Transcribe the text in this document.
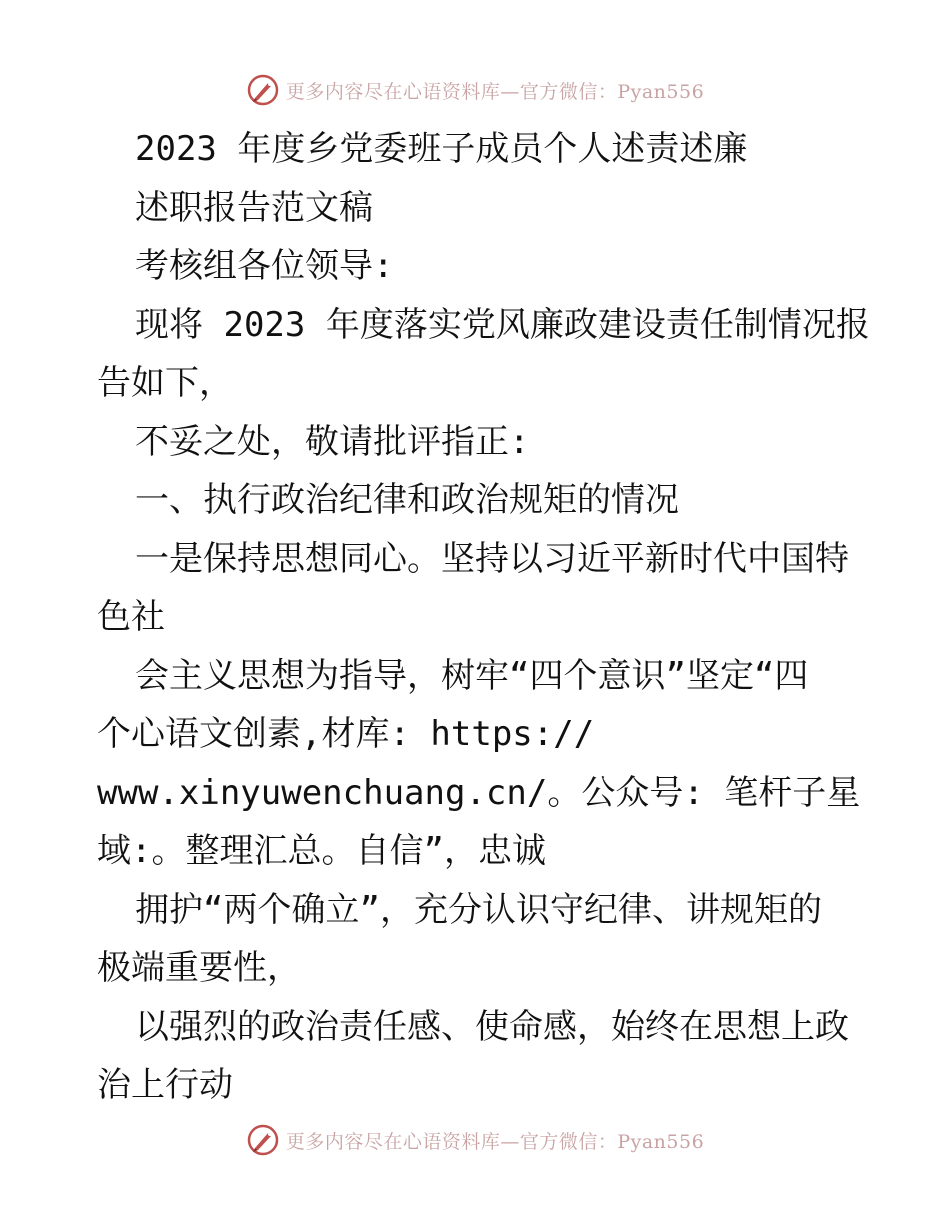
更多内容尽在心语资料库—官方微信：Pyan556

2023 年度乡党委班子成员个人述责述廉

述职报告范文稿

考核组各位领导:

现将 2023 年度落实党风廉政建设责任制情况报

告如下，

不妥之处，敬请批评指正:

一、执行政治纪律和政治规矩的情况

一是保持思想同心。坚持以习近平新时代中国特

色社

会主义思想为指导，树牢“四个意识”坚定“四

个心语文创素,材库: https://

www.xinyuwenchuang.cn/。公众号: 笔杆子星

域:。整理汇总。自信”，忠诚

拥护“两个确立”，充分认识守纪律、讲规矩的

极端重要性，

以强烈的政治责任感、使命感，始终在思想上政

治上行动

更多内容尽在心语资料库—官方微信：Pyan556
